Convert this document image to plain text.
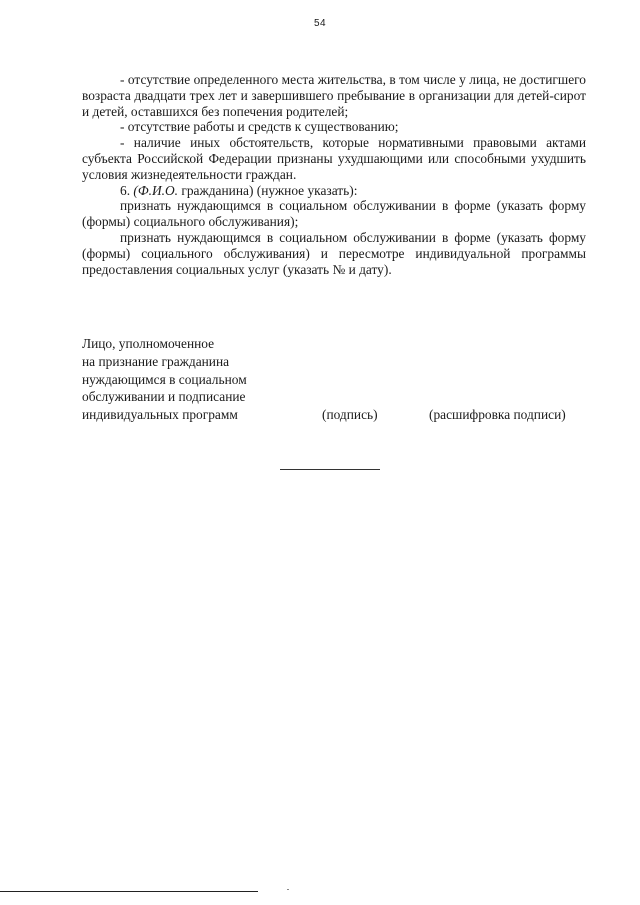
54

- отсутствие определенного места жительства, в том числе у лица, не достигшего возраста двадцати трех лет и завершившего пребывание в организации для детей-сирот и детей, оставшихся без попечения родителей;

- отсутствие работы и средств к существованию;

- наличие иных обстоятельств, которые нормативными правовыми актами субъекта Российской Федерации признаны ухудшающими или способными ухудшить условия жизнедеятельности граждан.

6. (Ф.И.О. гражданина) (нужное указать):

признать нуждающимся в социальном обслуживании в форме (указать форму (формы) социального обслуживания);

признать нуждающимся в социальном обслуживании в форме (указать форму (формы) социального обслуживания) и пересмотре индивидуальной программы предоставления социальных услуг (указать № и дату).

Лицо, уполномоченное
на признание гражданина
нуждающимся в социальном
обслуживании и подписание
индивидуальных программ	(подпись)	(расшифровка подписи)
